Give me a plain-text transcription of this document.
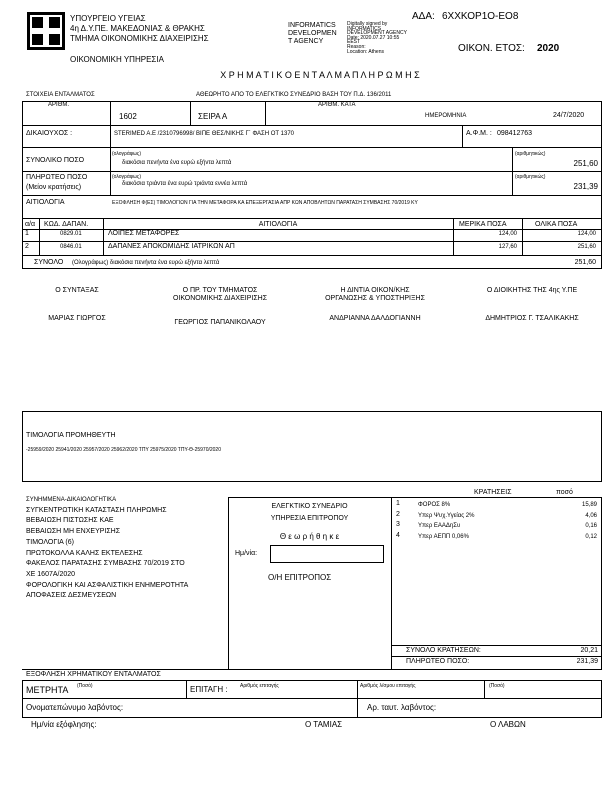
ΥΠΟΥΡΓΕΙΟ ΥΓΕΙΑΣ
4η Δ.Υ.ΠΕ. ΜΑΚΕΔΟΝΙΑΣ & ΘΡΑΚΗΣ
ΤΜΗΜΑ ΟΙΚΟΝΟΜΙΚΗΣ ΔΙΑΧΕΙΡΙΣΗΣ
ΟΙΚΟΝΟΜΙΚΗ ΥΠΗΡΕΣΙΑ
INFORMATICS
DEVELOPMEN
T AGENCY
Digitally signed by
INFORMATICS
DEVELOPMENT AGENCY
Date: 2020.07.27 10:55
EEST
Reason:
Location: Athens
ΑΔΑ: 6ΧΧΚΟΡ1Ο-ΕΟ8
ΟΙΚΟΝ. ΕΤΟΣ: 2020
Χ Ρ Η Μ Α Τ Ι Κ Ο Ε Ν Τ Α Λ Μ Α Π Λ Η Ρ Ω Μ Η Σ
ΣΤΟΙΧΕΙΑ ΕΝΤΑΛΜΑΤΟΣ	ΑΘΕΩΡΗΤΟ ΑΠΟ ΤΟ ΕΛΕΓΚΤΙΚΟ ΣΥΝΕΔΡΙΟ ΒΑΣΗ ΤΟΥ Π.Δ. 136/2011
ΑΡΙΘΜ.
1602	ΣΕΙΡΑ Α
ΑΡΙΘΜ. ΚΑΤΑ
ΗΜΕΡΟΜΗΝΙΑ	24/7/2020
ΔΙΚΑΙΟΥΧΟΣ :	STERIMED A.E /2310796998/ ΒΙΠΕ ΘΕΣ/ΝΙΚΗΣ Γ΄ ΦΑΣΗ ΟΤ 1370	Α.Φ.Μ. : 098412763
ΣΥΝΟΛΙΚΟ ΠΟΣΟ
(ολογράφως)
διακόσια πενήντα ένα ευρώ εξήντα λεπτά
(αριθμητικώς)
251,60
ΠΛΗΡΩΤΕΟ ΠΟΣΟ
(Μείον κρατήσεις)
(ολογράφως)
διακόσια τριάντα ένα ευρώ τριάντα εννέα λεπτά
(αριθμητικώς)
231,39
ΑΙΤΙΟΛΟΓΙΑ	ΕΞΟΦΛΗΣΗ Φ(ΕΣ) ΤΙΜΟΛΟΓΙΩΝ ΓΙΑ ΤΗΝ ΜΕΤΑΦΟΡΑ ΚΑ ΕΠΕΞΕΡΓΑΣΙΑ ΑΠΡ ΚΩΝ ΑΠΟΒΛΗΤΩΝ ΠΑΡΑΤΑΣΗ ΣΥΜΒΑΣΗΣ 70/2019 ΚΥ
α/α ΚΩΔ. ΔΑΠΑΝ.	ΑΙΤΙΟΛΟΓΙΑ	ΜΕΡΙΚΑ ΠΟΣΑ	ΟΛΙΚΑ ΠΟΣΑ
1	0829.01	ΛΟΙΠΕΣ ΜΕΤΑΦΟΡΕΣ	124,00	124,00
2	0846.01	ΔΑΠΑΝΕΣ ΑΠΟΚΟΜΙΔΗΣ ΙΑΤΡΙΚΩΝ ΑΠ	127,60	251,60
ΣΥΝΟΛΟ (Ολογράφως) διακόσια πενήντα ένα ευρώ εξήντα λεπτά	251,60
Ο ΣΥΝΤΑΞΑΣ
ΜΑΡΙΑΣ ΓΙΩΡΓΟΣ
Ο ΠΡ. ΤΟΥ ΤΜΗΜΑΤΟΣ
ΟΙΚΟΝΟΜΙΚΗΣ ΔΙΑΧΕΙΡΙΣΗΣ
ΓΕΩΡΓΙΟΣ ΠΑΠΑΝΙΚΟΛΑΟΥ
Η ΔΙΝΤΙΑ ΟΙΚΟΝ/ΚΗΣ
ΟΡΓΑΝΩΣΗΣ & ΥΠΟΣΤΗΡΙΞΗΣ
ΑΝΔΡΙΑΝΝΑ ΔΑΛΔΟΓΙΑΝΝΗ
Ο ΔΙΟΙΚΗΤΗΣ ΤΗΣ 4ης Υ.ΠΕ
ΔΗΜΗΤΡΙΟΣ Γ. ΤΣΑΛΙΚΑΚΗΣ
ΤΙΜΟΛΟΓΙΑ ΠΡΟΜΗΘΕΥΤΗ
-25959/2020 25941/2020 25957/2020 25962/2020 ΤΠΥ 25975/2020 ΤΠΥ-Θ-25970/2020
ΣΥΝΗΜΜΕΝΑ-ΔΙΚΑΙΟΛΟΓΗΤΙΚΑ
ΣΥΓΚΕΝΤΡΩΤΙΚΗ ΚΑΤΑΣΤΑΣΗ ΠΛΗΡΩΜΗΣ
ΒΕΒΑΙΩΣΗ ΠΙΣΤΩΣΗΣ ΚΑΕ
ΒΕΒΑΙΩΣΗ ΜΗ ΕΝΧΕΥΡΙΣΗΣ
ΤΙΜΟΛΟΓΙΑ (6)
ΠΡΩΤΟΚΟΛΛΑ ΚΑΛΗΣ ΕΚΤΕΛΕΣΗΣ
ΦΑΚΕΛΟΣ ΠΑΡΑΤΑΣΗΣ ΣΥΜΒΑΣΗΣ 70/2019 ΣΤΟ
ΧΕ 1607Α/2020
ΦΟΡΟΛΟΓΙΚΗ ΚΑΙ ΑΣΦΑΛΙΣΤΙΚΗ ΕΝΗΜΕΡΟΤΗΤΑ
ΑΠΟΦΑΣΕΙΣ ΔΕΣΜΕΥΣΕΩΝ
ΕΛΕΓΚΤΙΚΟ ΣΥΝΕΔΡΙΟ
ΥΠΗΡΕΣΙΑ ΕΠΙΤΡΟΠΟΥ
Θ ε ω ρ ή θ η κ ε
Ημ/νία:
Ο/Η ΕΠΙΤΡΟΠΟΣ
ΚΡΑΤΗΣΕΙΣ	ποσό
1	ΦΟΡΟΣ 8%	15,89
2	Υπερ Ψυχ.Υγείας 2%	4,06
3	Υπερ ΕΑΑΔηΣυ	0,16
4	Υπερ ΑΕΠΠ 0,06%	0,12
ΣΥΝΟΛΟ ΚΡΑΤΗΣΕΩΝ:	20,21
ΠΛΗΡΩΤΕΟ ΠΟΣΟ:	231,39
ΕΞΟΦΛΗΣΗ ΧΡΗΜΑΤΙΚΟΥ ΕΝΤΑΛΜΑΤΟΣ
ΜΕΤΡΗΤΑ (Ποσό)	ΕΠΙΤΑΓΗ : Αριθμός επιταγής	Αριθμός λ/σμου επιταγής	(Ποσό)
Ονοματεπώνυμο λαβόντος:	Αρ. ταυτ. λαβόντος:
Ημ/νία εξόφλησης:	Ο ΤΑΜΙΑΣ	Ο ΛΑΒΩΝ
